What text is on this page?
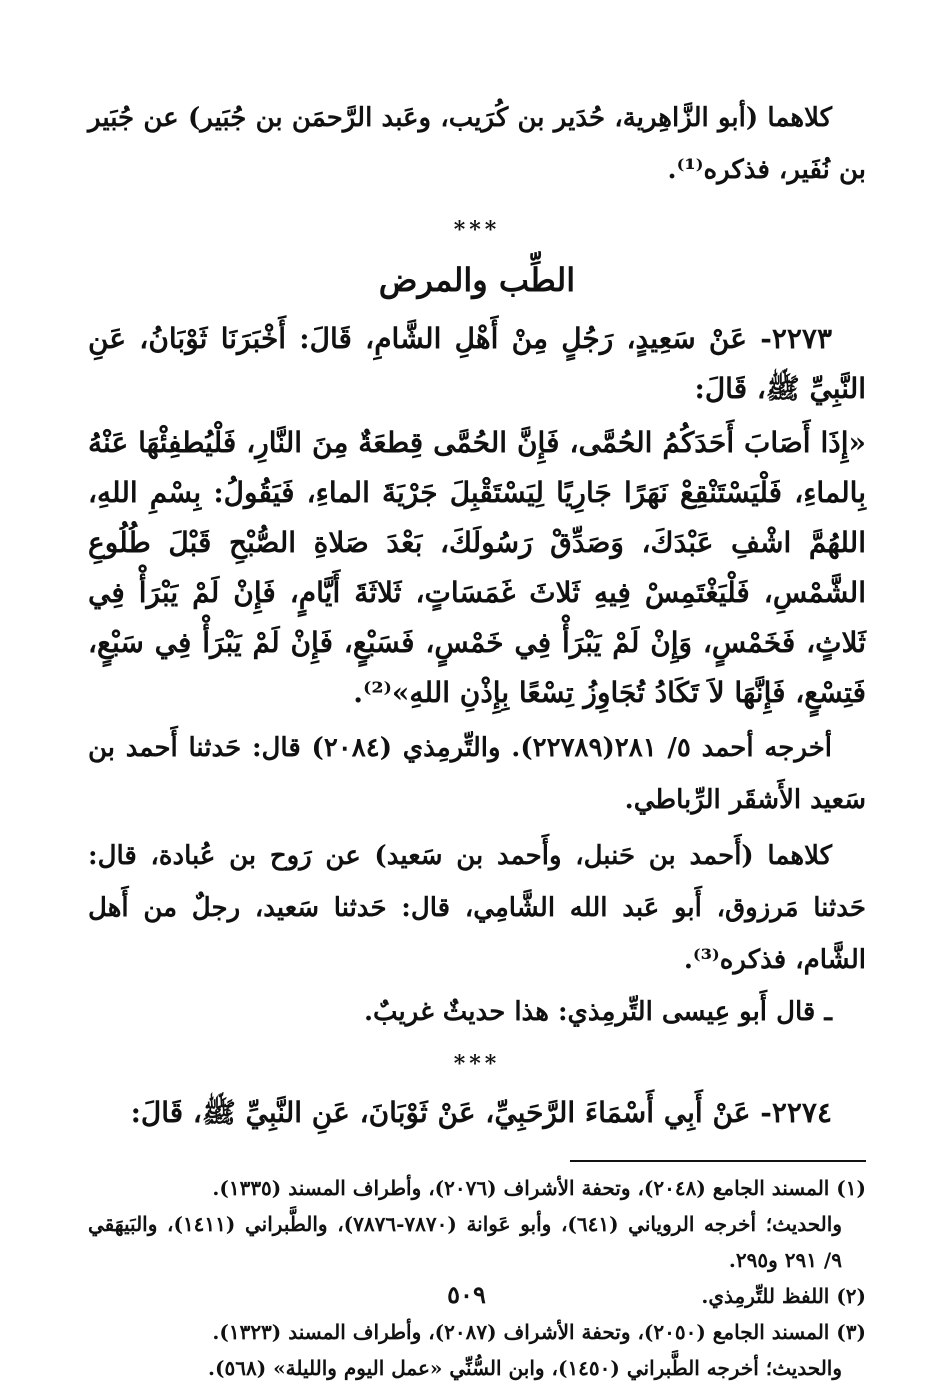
كلاهما (أبو الزَّاهِرية، حُدَير بن كُرَيب، وعَبد الرَّحمَن بن جُبَير) عن جُبَير بن نُفَير، فذكره⁽¹⁾.

***
الطِّب والمرض

٢٢٧٣- عَنْ سَعِيدٍ، رَجُلٍ مِنْ أَهْلِ الشَّامِ، قَالَ: أَخْبَرَنَا ثَوْبَانُ، عَنِ النَّبِيِّ ﷺ، قَالَ:

«إِذَا أَصَابَ أَحَدَكُمُ الحُمَّى، فَإِنَّ الحُمَّى قِطعَةٌ مِنَ النَّارِ، فَلْيُطفِئْهَا عَنْهُ بِالماءِ، فَلْيَسْتَنْقِعْ نَهَرًا جَارِيًا لِيَسْتَقْبِلَ جَرْيَةَ الماءِ، فَيَقُولُ: بِسْمِ اللهِ، اللهُمَّ اشْفِ عَبْدَكَ، وَصَدِّقْ رَسُولَكَ، بَعْدَ صَلاةِ الصُّبْحِ قَبْلَ طُلُوعِ الشَّمْسِ، فَلْيَغْتَمِسْ فِيهِ ثَلاثَ غَمَسَاتٍ، ثَلاثَةَ أَيَّامٍ، فَإِنْ لَمْ يَبْرَأْ فِي ثَلاثٍ، فَخَمْسٍ، وَإِنْ لَمْ يَبْرَأْ فِي خَمْسٍ، فَسَبْعٍ، فَإِنْ لَمْ يَبْرَأْ فِي سَبْعٍ، فَتِسْعٍ، فَإِنَّهَا لاَ تَكَادُ تُجَاوِزُ تِسْعًا بِإِذْنِ اللهِ»⁽²⁾.

أخرجه أحمد ٥/ ٢٨١(٢٢٧٨٩). والتِّرمِذي (٢٠٨٤) قال: حَدثنا أَحمد بن سَعيد الأَشقَر الرِّباطي.

كلاهما (أَحمد بن حَنبل، وأَحمد بن سَعيد) عن رَوح بن عُبادة، قال: حَدثنا مَرزوق، أَبو عَبد الله الشَّامِي، قال: حَدثنا سَعيد، رجلٌ من أَهل الشَّام، فذكره⁽³⁾.

ـ قال أَبو عِيسى التِّرمِذي: هذا حديثٌ غريبٌ.

***

٢٢٧٤- عَنْ أَبِي أَسْمَاءَ الرَّحَبِيِّ، عَنْ ثَوْبَانَ، عَنِ النَّبِيِّ ﷺ، قَالَ:

(١) المسند الجامع (٢٠٤٨)، وتحفة الأشراف (٢٠٧٦)، وأطراف المسند (١٣٣٥).

والحديث؛ أخرجه الروياني (٦٤١)، وأبو عَوانة (٧٨٧٠-٧٨٧٦)، والطَّبراني (١٤١١)، والبَيهَقي ٩/ ٢٩١ و٢٩٥.

(٢) اللفظ للتِّرمِذي.

(٣) المسند الجامع (٢٠٥٠)، وتحفة الأشراف (٢٠٨٧)، وأطراف المسند (١٣٢٣).

والحديث؛ أخرجه الطَّبراني (١٤٥٠)، وابن السُّنِّي «عمل اليوم والليلة» (٥٦٨).

٥٠٩
